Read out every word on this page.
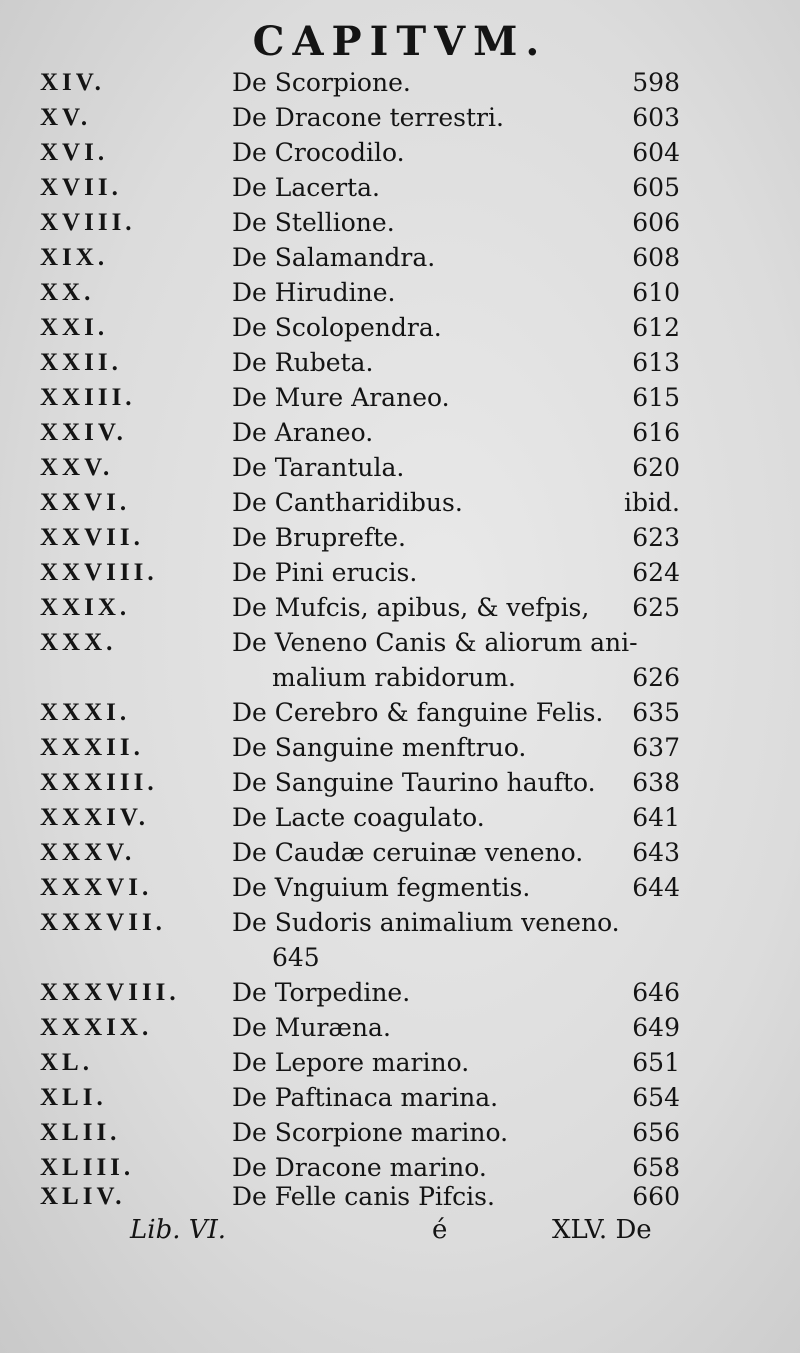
CAPITVM.
XIV.	De Scorpione.	598
XV.	De Dracone terrestri.	603
XVI.	De Crocodilo.	604
XVII.	De Lacerta.	605
XVIII.	De Stellione.	606
XIX.	De Salamandra.	608
XX.	De Hirudine.	610
XXI.	De Scolopendra.	612
XXII.	De Rubeta.	613
XXIII.	De Mure Araneo.	615
XXIV.	De Araneo.	616
XXV.	De Tarantula.	620
XXVI.	De Cantharidibus.	ibid.
XXVII.	De Bruprefte.	623
XXVIII.	De Pini erucis.	624
XXIX.	De Mufcis, apibus, & vefpis, 625
XXX.	De Veneno Canis & aliorum ani-
malium rabidorum.	626
XXXI.	De Cerebro & fanguine Felis. 635
XXXII.	De Sanguine menftruo.	637
XXXIII.	De Sanguine Taurino haufto. 638
XXXIV.	De Lacte coagulato.	641
XXXV.	De Caudæ ceruinæ veneno. 643
XXXVI.	De Vnguium fegmentis.	644
XXXVII.	De Sudoris animalium veneno.
645
XXXVIII. De Torpedine.	646
XXXIX.	De Muræna.	649
XL.	De Lepore marino.	651
XLI.	De Paftinaca marina.	654
XLII.	De Scorpione marino.	656
XLIII.	De Dracone marino.	658
XLIV.	De Felle canis Pifcis.	660
Lib. VI.	é	XLV. De
